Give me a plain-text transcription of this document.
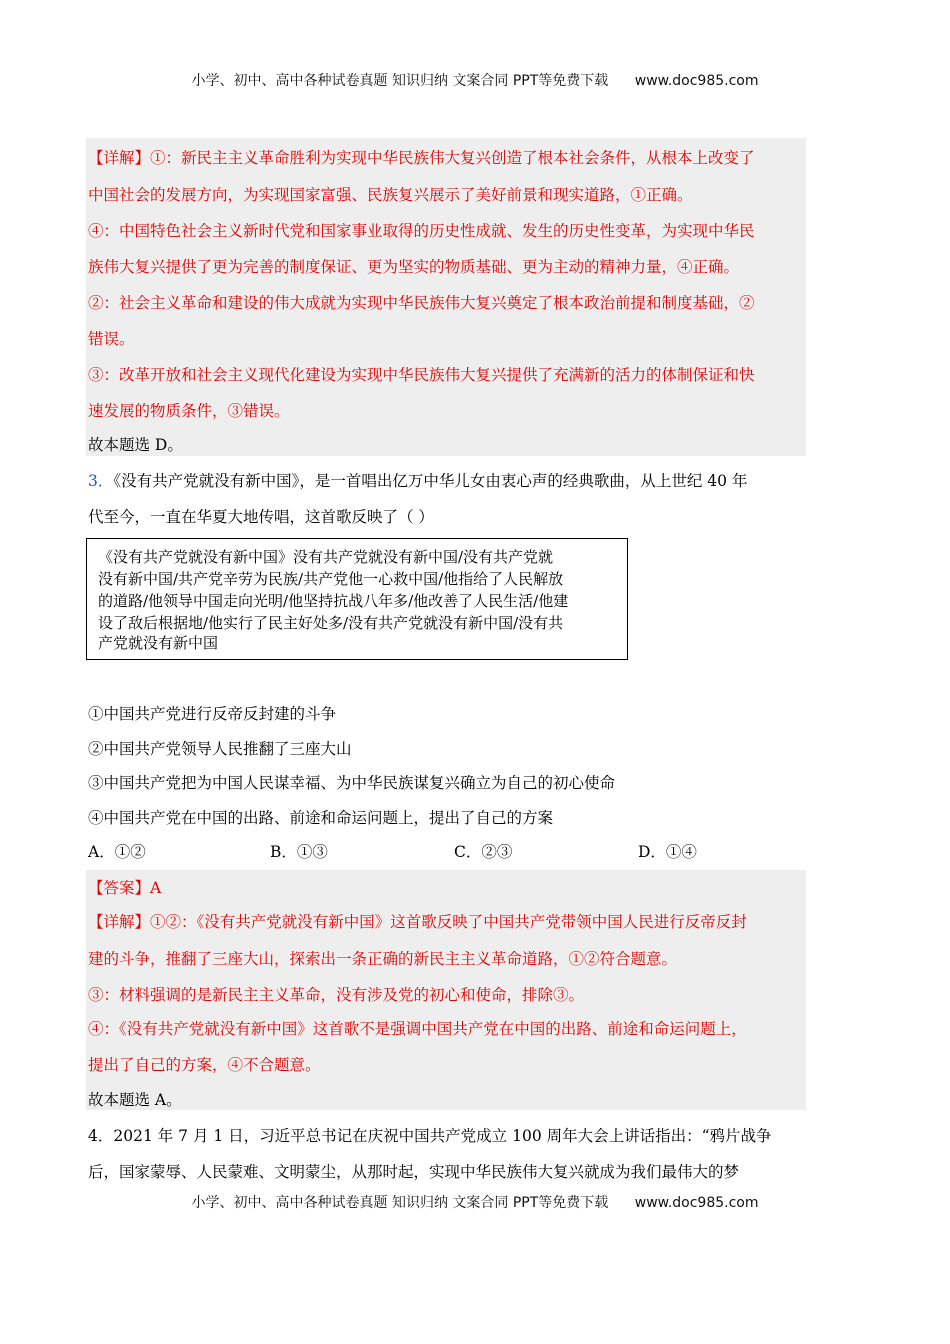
小学、初中、高中各种试卷真题 知识归纳 文案合同 PPT等免费下载 www.doc985.com
【详解】①：新民主主义革命胜利为实现中华民族伟大复兴创造了根本社会条件，从根本上改变了
中国社会的发展方向，为实现国家富强、民族复兴展示了美好前景和现实道路，①正确。
④：中国特色社会主义新时代党和国家事业取得的历史性成就、发生的历史性变革，为实现中华民
族伟大复兴提供了更为完善的制度保证、更为坚实的物质基础、更为主动的精神力量，④正确。
②：社会主义革命和建设的伟大成就为实现中华民族伟大复兴奠定了根本政治前提和制度基础，②
错误。
③：改革开放和社会主义现代化建设为实现中华民族伟大复兴提供了充满新的活力的体制保证和快
速发展的物质条件，③错误。
故本题选 D。
3．《没有共产党就没有新中国》，是一首唱出亿万中华儿女由衷心声的经典歌曲，从上世纪 40 年
代至今，一直在华夏大地传唱，这首歌反映了（ ）
《没有共产党就没有新中国》没有共产党就没有新中国/没有共产党就
没有新中国/共产党辛劳为民族/共产党他一心救中国/他指给了人民解放
的道路/他领导中国走向光明/他坚持抗战八年多/他改善了人民生活/他建
设了敌后根据地/他实行了民主好处多/没有共产党就没有新中国/没有共
产党就没有新中国
①中国共产党进行反帝反封建的斗争
②中国共产党领导人民推翻了三座大山
③中国共产党把为中国人民谋幸福、为中华民族谋复兴确立为自己的初心使命
④中国共产党在中国的出路、前途和命运问题上，提出了自己的方案
A．①②	B．①③	C．②③	D．①④
【答案】A
【详解】①②：《没有共产党就没有新中国》这首歌反映了中国共产党带领中国人民进行反帝反封
建的斗争，推翻了三座大山，探索出一条正确的新民主主义革命道路，①②符合题意。
③：材料强调的是新民主主义革命，没有涉及党的初心和使命，排除③。
④：《没有共产党就没有新中国》这首歌不是强调中国共产党在中国的出路、前途和命运问题上，
提出了自己的方案，④不合题意。
故本题选 A。
4．2021 年 7 月 1 日，习近平总书记在庆祝中国共产党成立 100 周年大会上讲话指出：“鸦片战争
后，国家蒙辱、人民蒙难、文明蒙尘，从那时起，实现中华民族伟大复兴就成为我们最伟大的梦
小学、初中、高中各种试卷真题 知识归纳 文案合同 PPT等免费下载 www.doc985.com
